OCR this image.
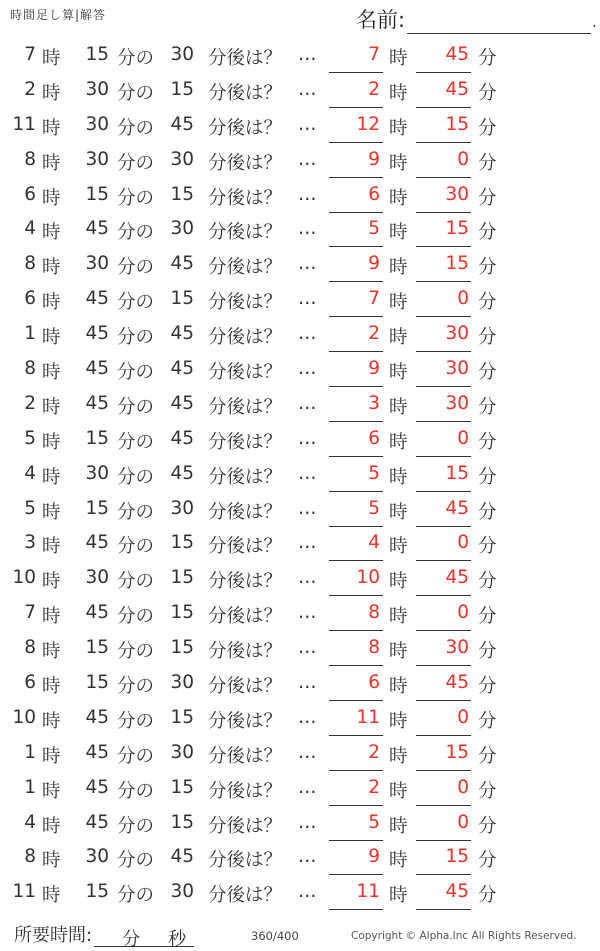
時間足し算|解答	名前:	.
7 時	15 分の 30 分後は？ …	7 時	45 分
2 時	30 分の 15 分後は？ …	2 時	45 分
11 時	30 分の 45 分後は？ …	12 時	15 分
8 時	30 分の 30 分後は？ …	9 時	0 分
6 時	15 分の 15 分後は？ …	6 時	30 分
4 時	45 分の 30 分後は？ …	5 時	15 分
8 時	30 分の 45 分後は？ …	9 時	15 分
6 時	45 分の 15 分後は？ …	7 時	0 分
1 時	45 分の 45 分後は？ …	2 時	30 分
8 時	45 分の 45 分後は？ …	9 時	30 分
2 時	45 分の 45 分後は？ …	3 時	30 分
5 時	15 分の 45 分後は？ …	6 時	0 分
4 時	30 分の 45 分後は？ …	5 時	15 分
5 時	15 分の 30 分後は？ …	5 時	45 分
3 時	45 分の 15 分後は？ …	4 時	0 分
10 時	30 分の 15 分後は？ …	10 時	45 分
7 時	45 分の 15 分後は？ …	8 時	0 分
8 時	15 分の 15 分後は？ …	8 時	30 分
6 時	15 分の 30 分後は？ …	6 時	45 分
10 時	45 分の 15 分後は？ …	11 時	0 分
1 時	45 分の 30 分後は？ …	2 時	15 分
1 時	45 分の 15 分後は？ …	2 時	0 分
4 時	45 分の 15 分後は？ …	5 時	0 分
8 時	30 分の 45 分後は？ …	9 時	15 分
11 時	15 分の 30 分後は？ …	11 時	45 分
所要時間: 分 秒	360/400	Copyright © Alpha.Inc All Rights Reserved.
